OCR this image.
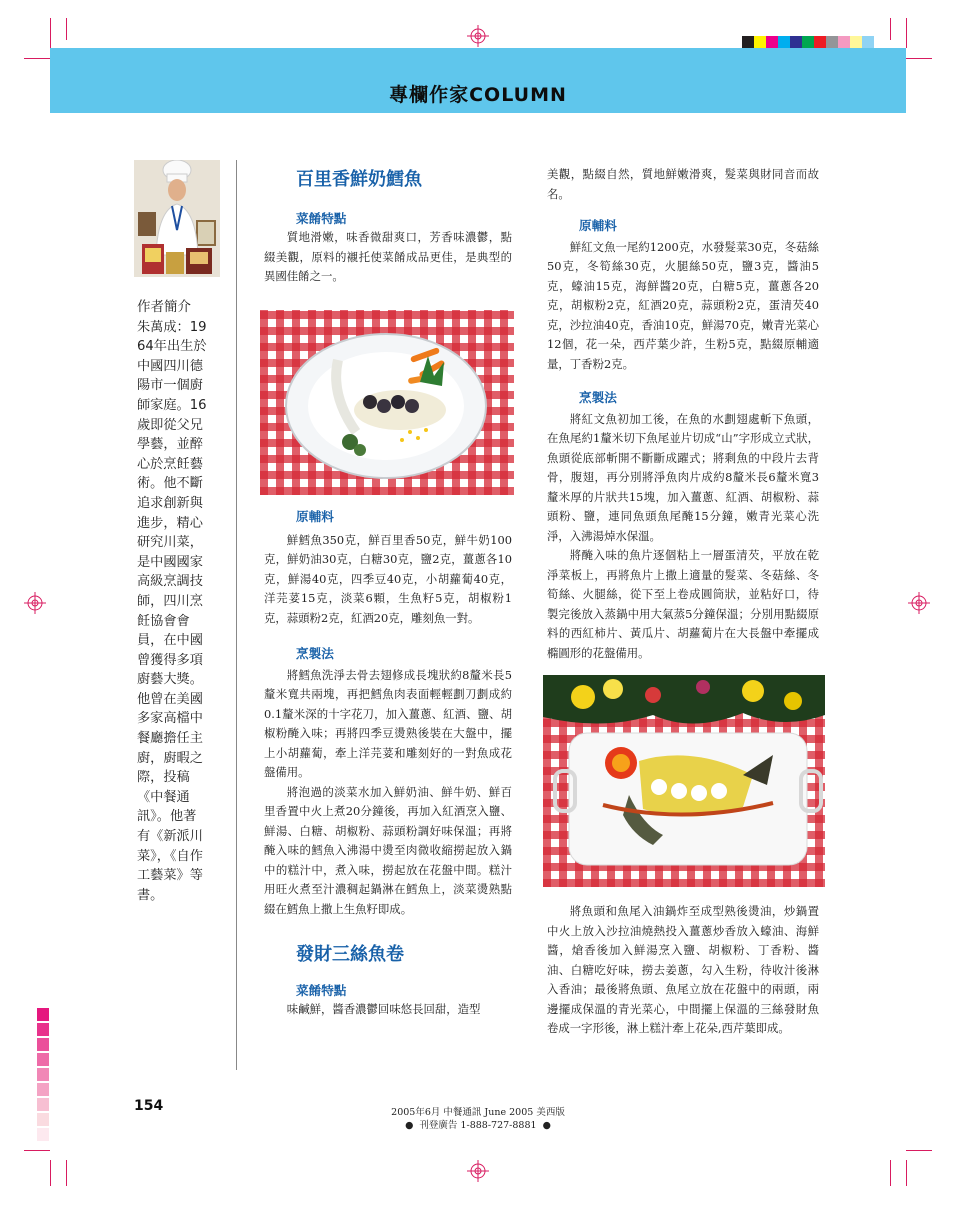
專欄作家COLUMN
作者簡介
朱萬成：1964年出生於中國四川德陽市一個廚師家庭。16歲即從父兄學藝，並醉心於烹飪藝術。他不斷追求創新與進步，精心研究川菜，是中國國家高級烹調技師，四川烹飪協會會員，在中國曾獲得多項廚藝大獎。他曾在美國多家高檔中餐廳擔任主廚，廚暇之際，投稿《中餐通訊》。他著有《新派川菜》，《自作工藝菜》等書。
百里香鮮奶鱈魚
菜餚特點

質地滑嫩，味香微甜爽口，芳香味濃鬱，點綴美觀，原料的襯托使菜餚成品更佳，是典型的異國佳餚之一。

原輔料

鮮鱈魚350克，鮮百里香50克，鮮牛奶100克，鮮奶油30克，白糖30克，鹽2克，薑蔥各10克，鮮湯40克，四季豆40克，小胡蘿蔔40克，洋芫荽15克，淡菜6顆，生魚籽5克，胡椒粉1克，蒜頭粉2克，紅酒20克，雕刻魚一對。

烹製法

將鱈魚洗淨去骨去翅修成長塊狀約8釐米長5釐米寬共兩塊，再把鱈魚肉表面輕輕劃刀劃成約0.1釐米深的十字花刀，加入薑蔥、紅酒、鹽、胡椒粉醃入味；再將四季豆燙熟後裝在大盤中，擺上小胡蘿蔔，牽上洋芫荽和雕刻好的一對魚成花盤備用。

將泡過的淡菜水加入鮮奶油、鮮牛奶、鮮百里香置中火上煮20分鐘後，再加入紅酒烹入鹽、鮮湯、白糖、胡椒粉、蒜頭粉調好味保溫；再將醃入味的鱈魚入沸湯中燙至肉微收縮撈起放入鍋中的糕汁中，煮入味，撈起放在花盤中間。糕汁用旺火煮至汁濃稠起鍋淋在鱈魚上，淡菜燙熟點綴在鱈魚上撒上生魚籽即成。

發財三絲魚卷
菜餚特點

味鹹鮮，醬香濃鬱回味悠長回甜，造型

美觀，點綴自然，質地鮮嫩滑爽，髮菜與財同音而故名。

原輔料

鮮紅文魚一尾約1200克，水發髮菜30克，冬菇絲50克，冬筍絲30克，火腿絲50克，鹽3克，醬油5克，蠔油15克，海鮮醬20克，白糖5克，薑蔥各20克，胡椒粉2克，紅酒20克，蒜頭粉2克，蛋清芡40克，沙拉油40克，香油10克，鮮湯70克，嫩青光菜心12個，花一朵，西芹葉少許，生粉5克，點綴原輔適量，丁香粉2克。

烹製法

將紅文魚初加工後，在魚的水劃翅處斬下魚頭，在魚尾約1釐米切下魚尾並片切成“山”字形成立式狀，魚頭從底部斬開不斷斷成躍式；將剩魚的中段片去背骨，腹翅，再分別將淨魚肉片成約8釐米長6釐米寬3釐米厚的片狀共15塊，加入薑蔥、紅酒、胡椒粉、蒜頭粉、鹽，連同魚頭魚尾醃15分鐘，嫩青光菜心洗淨，入沸湯焯水保溫。

將醃入味的魚片逐個粘上一層蛋清芡，平放在乾淨菜板上，再將魚片上撒上適量的髮菜、冬菇絲、冬筍絲、火腿絲，從下至上卷成圓筒狀，並粘好口，待製完後放入蒸鍋中用大氣蒸5分鐘保溫；分別用點綴原料的西紅柿片、黃瓜片、胡蘿蔔片在大長盤中牽擺成橢圓形的花盤備用。

將魚頭和魚尾入油鍋炸至成型熟後燙油，炒鍋置中火上放入沙拉油燒熱投入薑蔥炒香放入蠔油、海鮮醬，熗香後加入鮮湯烹入鹽、胡椒粉、丁香粉、醬油、白糖吃好味，撈去姜蔥，勾入生粉，待收汁後淋入香油；最後將魚頭、魚尾立放在花盤中的兩頭，兩邊擺成保溫的青光菜心，中間擺上保溫的三絲發財魚卷成一字形後，淋上糕汁牽上花朵,西芹葉即成。

154	2005年6月 中餐通訊 June 2005 美西版
●  刊登廣告 1-888-727-8881  ●
